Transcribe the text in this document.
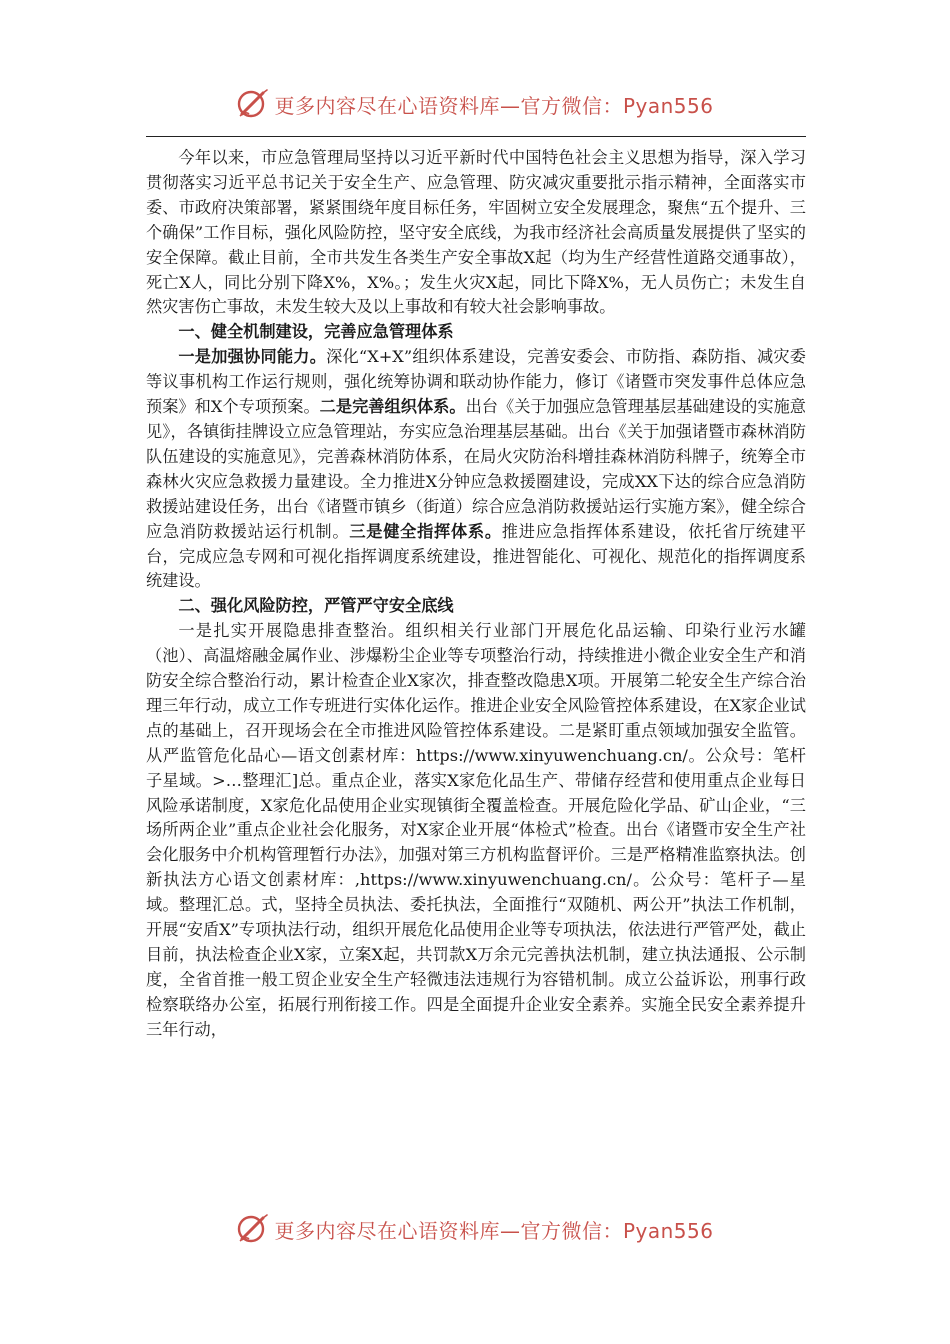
更多内容尽在心语资料库—官方微信：Pyan556

今年以来，市应急管理局坚持以习近平新时代中国特色社会主义思想为指导，深入学习贯彻落实习近平总书记关于安全生产、应急管理、防灾减灾重要批示指示精神，全面落实市委、市政府决策部署，紧紧围绕年度目标任务，牢固树立安全发展理念，聚焦“五个提升、三个确保”工作目标，强化风险防控，坚守安全底线，为我市经济社会高质量发展提供了坚实的安全保障。截止目前，全市共发生各类生产安全事故X起（均为生产经营性道路交通事故），死亡X人，同比分别下降X%，X%。；发生火灾X起，同比下降X%，无人员伤亡；未发生自然灾害伤亡事故，未发生较大及以上事故和有较大社会影响事故。

一、健全机制建设，完善应急管理体系

一是加强协同能力。深化“X+X”组织体系建设，完善安委会、市防指、森防指、减灾委等议事机构工作运行规则，强化统筹协调和联动协作能力，修订《诸暨市突发事件总体应急预案》和X个专项预案。二是完善组织体系。出台《关于加强应急管理基层基础建设的实施意见》，各镇街挂牌设立应急管理站，夯实应急治理基层基础。出台《关于加强诸暨市森林消防队伍建设的实施意见》，完善森林消防体系，在局火灾防治科增挂森林消防科牌子，统筹全市森林火灾应急救援力量建设。全力推进X分钟应急救援圈建设，完成XX下达的综合应急消防救援站建设任务，出台《诸暨市镇乡（街道）综合应急消防救援站运行实施方案》，健全综合应急消防救援站运行机制。三是健全指挥体系。推进应急指挥体系建设，依托省厅统建平台，完成应急专网和可视化指挥调度系统建设，推进智能化、可视化、规范化的指挥调度系统建设。

二、强化风险防控，严管严守安全底线

一是扎实开展隐患排查整治。组织相关行业部门开展危化品运输、印染行业污水罐（池）、高温熔融金属作业、涉爆粉尘企业等专项整治行动，持续推进小微企业安全生产和消防安全综合整治行动，累计检查企业X家次，排查整改隐患X项。开展第二轮安全生产综合治理三年行动，成立工作专班进行实体化运作。推进企业安全风险管控体系建设，在X家企业试点的基础上，召开现场会在全市推进风险管控体系建设。二是紧盯重点领域加强安全监管。从严监管危化品心—语文创素材库：https://www.xinyuwenchuang.cn/。公众号：笔杆子星域。>…整理汇]总。重点企业，落实X家危化品生产、带储存经营和使用重点企业每日风险承诺制度，X家危化品使用企业实现镇街全覆盖检查。开展危险化学品、矿山企业，“三场所两企业”重点企业社会化服务，对X家企业开展“体检式”检查。出台《诸暨市安全生产社会化服务中介机构管理暂行办法》，加强对第三方机构监督评价。三是严格精准监察执法。创新执法方心语文创素材库：,https://www.xinyuwenchuang.cn/。公众号：笔杆子—星域。整理汇总。式，坚持全员执法、委托执法，全面推行“双随机、两公开”执法工作机制，开展“安盾X”专项执法行动，组织开展危化品使用企业等专项执法，依法进行严管严处，截止目前，执法检查企业X家，立案X起，共罚款X万余元完善执法机制，建立执法通报、公示制度，全省首推一般工贸企业安全生产轻微违法违规行为容错机制。成立公益诉讼，刑事行政检察联络办公室，拓展行刑衔接工作。四是全面提升企业安全素养。实施全民安全素养提升三年行动，

更多内容尽在心语资料库—官方微信：Pyan556
